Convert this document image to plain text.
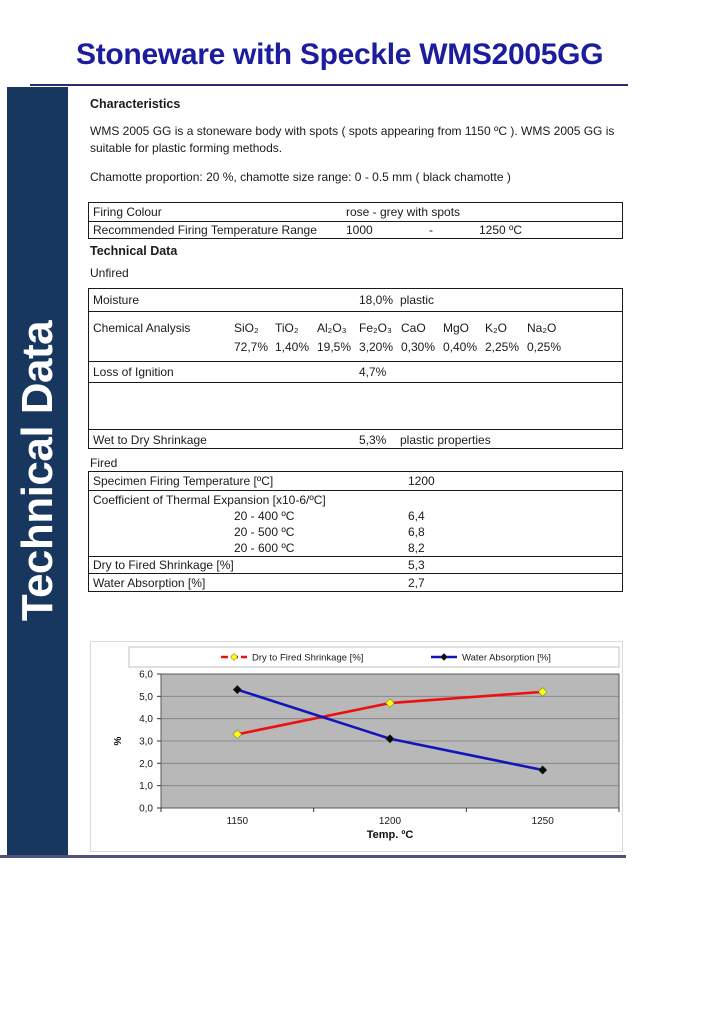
Stoneware with Speckle WMS2005GG
Technical Data
Characteristics

WMS 2005 GG is a stoneware body with spots ( spots appearing from 1150 ºC ). WMS 2005 GG is suitable for plastic forming methods.

Chamotte proportion: 20 %, chamotte size range: 0 - 0.5 mm ( black chamotte )

Firing Colour	rose - grey with spots
Recommended Firing Temperature Range	1000	-	1250 ºC
Technical Data
Unfired
Moisture	18,0% plastic
Chemical Analysis	SiO₂ TiO₂ Al₂O₃ Fe₂O₃ CaO MgO K₂O Na₂O
72,7% 1,40% 19,5% 3,20% 0,30% 0,40% 2,25% 0,25%
Loss of Ignition	4,7%
Wet to Dry Shrinkage	5,3% plastic properties
Fired
Specimen Firing Temperature [ºC]	1200
Coefficient of Thermal Expansion [x10-6/ºC]
20 - 400 ºC	6,4
20 - 500 ºC	6,8
20 - 600 ºC	8,2
Dry to Fired Shrinkage [%]	5,3
Water Absorption [%]	2,7
0,0
1,0
2,0
3,0
4,0
5,0
6,0
1150	1200	1250
Temp. ºC
%
Dry to Fired Shrinkage [%]	Water Absorption [%]
